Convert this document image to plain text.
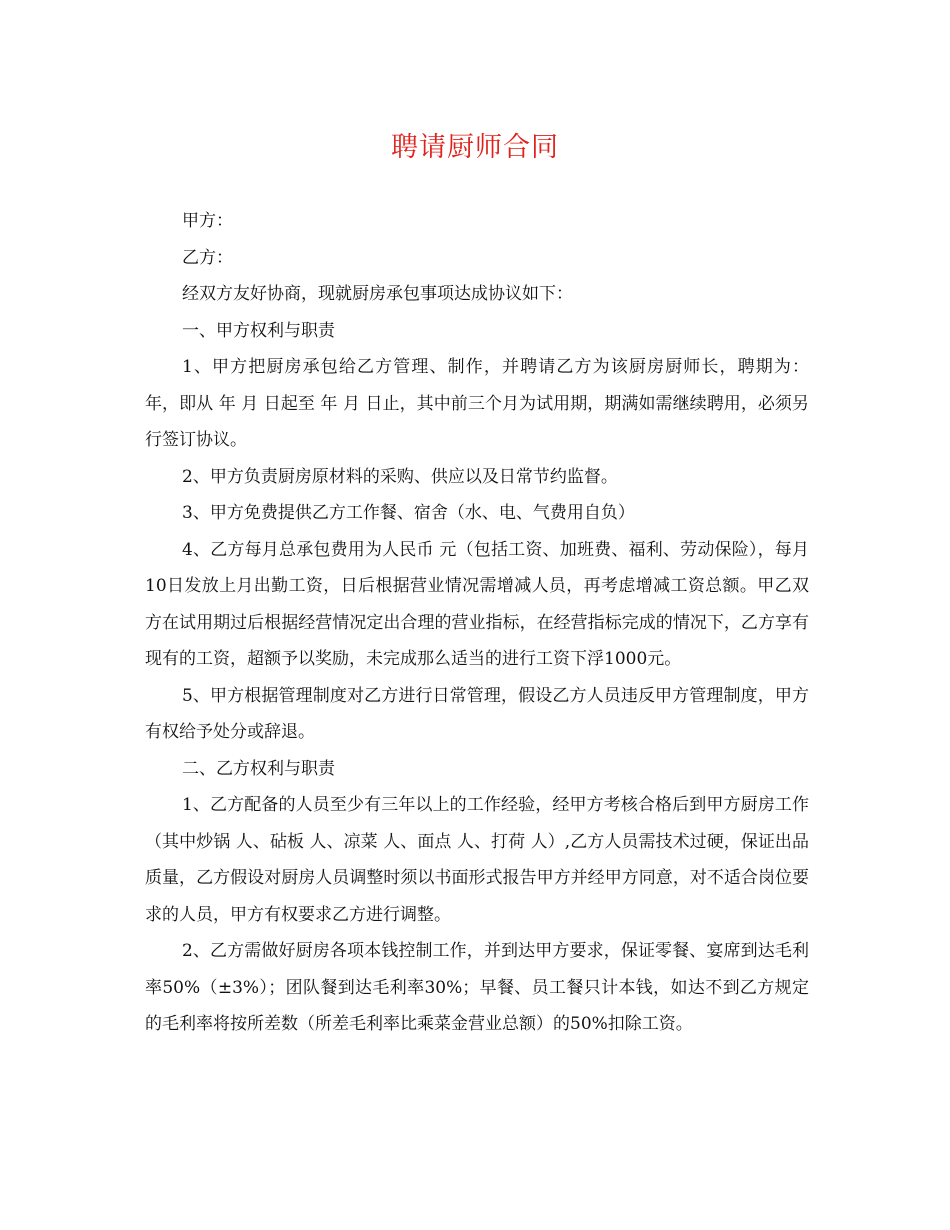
聘请厨师合同

甲方：

乙方：

经双方友好协商，现就厨房承包事项达成协议如下：

一、甲方权利与职责

1、甲方把厨房承包给乙方管理、制作，并聘请乙方为该厨房厨师长，聘期为： 年，即从 年 月 日起至 年 月 日止，其中前三个月为试用期，期满如需继续聘用，必须另行签订协议。

2、甲方负责厨房原材料的采购、供应以及日常节约监督。

3、甲方免费提供乙方工作餐、宿舍（水、电、气费用自负）

4、乙方每月总承包费用为人民币 元（包括工资、加班费、福利、劳动保险），每月10日发放上月出勤工资，日后根据营业情况需增减人员，再考虑增减工资总额。甲乙双方在试用期过后根据经营情况定出合理的营业指标，在经营指标完成的情况下，乙方享有现有的工资，超额予以奖励，未完成那么适当的进行工资下浮1000元。

5、甲方根据管理制度对乙方进行日常管理，假设乙方人员违反甲方管理制度，甲方有权给予处分或辞退。

二、乙方权利与职责

1、乙方配备的人员至少有三年以上的工作经验，经甲方考核合格后到甲方厨房工作（其中炒锅 人、砧板 人、凉菜 人、面点 人、打荷 人）,乙方人员需技术过硬，保证出品质量，乙方假设对厨房人员调整时须以书面形式报告甲方并经甲方同意，对不适合岗位要求的人员，甲方有权要求乙方进行调整。

2、乙方需做好厨房各项本钱控制工作，并到达甲方要求，保证零餐、宴席到达毛利率50%（±3%）；团队餐到达毛利率30%；早餐、员工餐只计本钱，如达不到乙方规定的毛利率将按所差数（所差毛利率比乘菜金营业总额）的50%扣除工资。
